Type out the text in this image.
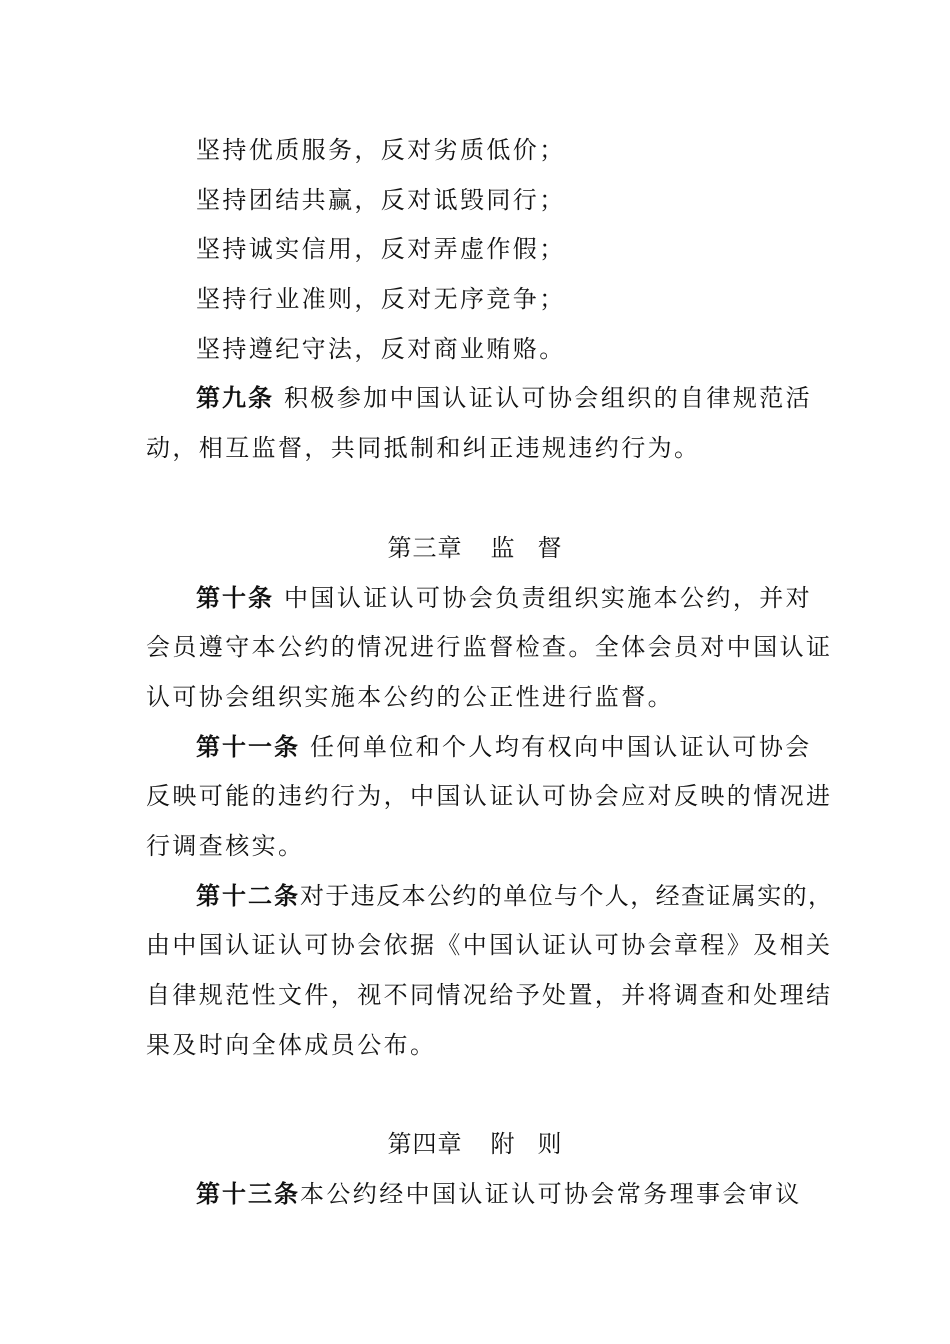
坚持优质服务，反对劣质低价；
坚持团结共赢，反对诋毁同行；
坚持诚实信用，反对弄虚作假；
坚持行业准则，反对无序竞争；
坚持遵纪守法，反对商业贿赂。
第九条 积极参加中国认证认可协会组织的自律规范活
动，相互监督，共同抵制和纠正违规违约行为。
第三章 监 督
第十条 中国认证认可协会负责组织实施本公约，并对
会员遵守本公约的情况进行监督检查。全体会员对中国认证
认可协会组织实施本公约的公正性进行监督。
第十一条 任何单位和个人均有权向中国认证认可协会
反映可能的违约行为，中国认证认可协会应对反映的情况进
行调查核实。
第十二条对于违反本公约的单位与个人，经查证属实的，
由中国认证认可协会依据《中国认证认可协会章程》及相关
自律规范性文件，视不同情况给予处置，并将调查和处理结
果及时向全体成员公布。
第四章 附 则
第十三条本公约经中国认证认可协会常务理事会审议
